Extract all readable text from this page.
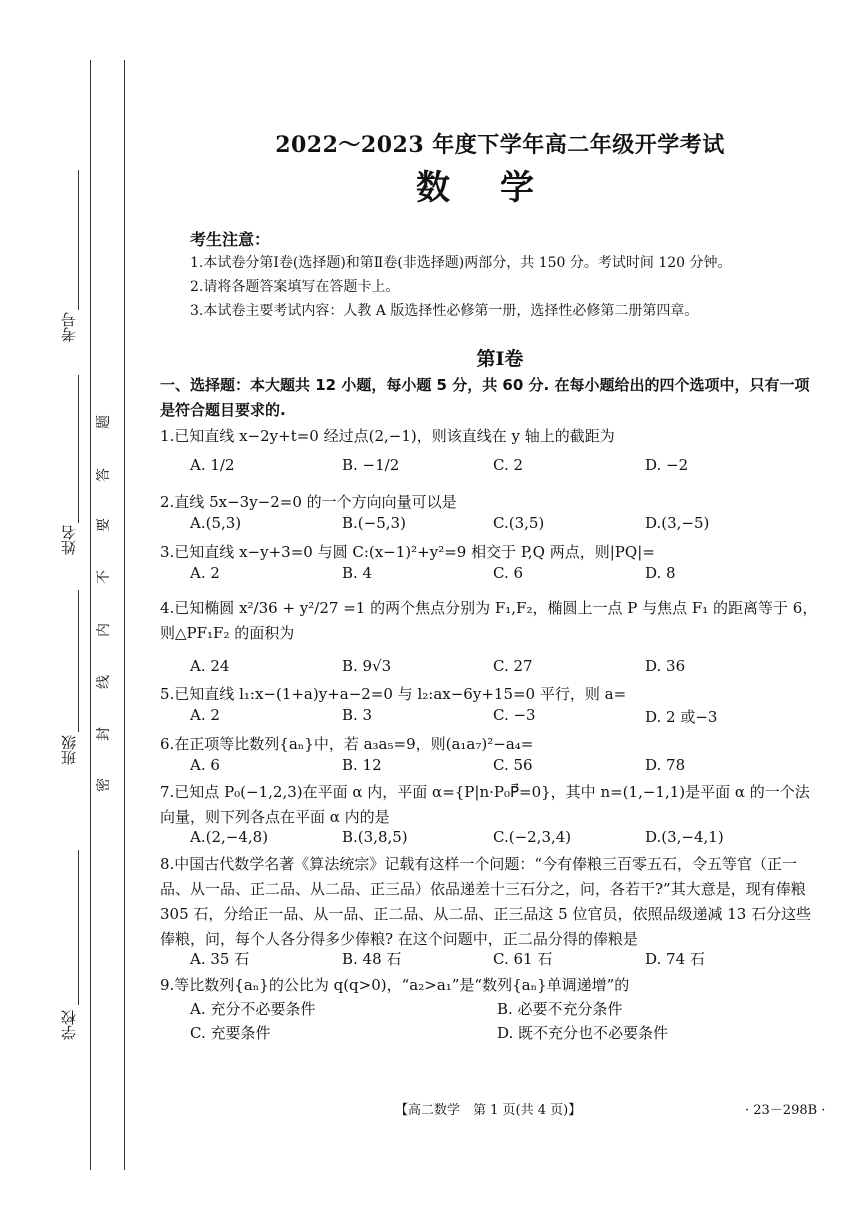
考号
姓名
班级
学校
密
封
线
内
不
要
答
题
2022～2023 年度下学年高二年级开学考试
数学
考生注意：
1.本试卷分第Ⅰ卷(选择题)和第Ⅱ卷(非选择题)两部分，共 150 分。考试时间 120 分钟。
2.请将各题答案填写在答题卡上。
3.本试卷主要考试内容：人教 A 版选择性必修第一册，选择性必修第二册第四章。
第Ⅰ卷
一、选择题：本大题共 12 小题，每小题 5 分，共 60 分. 在每小题给出的四个选项中，只有一项是符合题目要求的.
1.已知直线 x−2y+t=0 经过点(2,−1)，则该直线在 y 轴上的截距为
A. 1/2	B. −1/2	C. 2	D. −2
2.直线 5x−3y−2=0 的一个方向向量可以是
A.(5,3)	B.(−5,3)	C.(3,5)	D.(3,−5)
3.已知直线 x−y+3=0 与圆 C:(x−1)²+y²=9 相交于 P,Q 两点，则|PQ|=
A. 2	B. 4	C. 6	D. 8
4.已知椭圆 x²/36 + y²/27 =1 的两个焦点分别为 F₁,F₂，椭圆上一点 P 与焦点 F₁ 的距离等于 6，则△PF₁F₂ 的面积为
A. 24	B. 9√3	C. 27	D. 36
5.已知直线 l₁:x−(1+a)y+a−2=0 与 l₂:ax−6y+15=0 平行，则 a=
A. 2	B. 3	C. −3	D. 2 或−3
6.在正项等比数列{aₙ}中，若 a₃a₅=9，则(a₁a₇)²−a₄=
A. 6	B. 12	C. 56	D. 78
7.已知点 P₀(−1,2,3)在平面 α 内，平面 α={P|n·P₀P⃗=0}，其中 n=(1,−1,1)是平面 α 的一个法向量，则下列各点在平面 α 内的是
A.(2,−4,8)	B.(3,8,5)	C.(−2,3,4)	D.(3,−4,1)
8.中国古代数学名著《算法统宗》记载有这样一个问题：“今有俸粮三百零五石，令五等官（正一品、从一品、正二品、从二品、正三品）依品递差十三石分之，问，各若干?”其大意是，现有俸粮 305 石，分给正一品、从一品、正二品、从二品、正三品这 5 位官员，依照品级递减 13 石分这些俸粮，问，每个人各分得多少俸粮? 在这个问题中，正二品分得的俸粮是
A. 35 石	B. 48 石	C. 61 石	D. 74 石
9.等比数列{aₙ}的公比为 q(q>0)，“a₂>a₁”是“数列{aₙ}单调递增”的
A. 充分不必要条件	B. 必要不充分条件
C. 充要条件	D. 既不充分也不必要条件
【高二数学　第 1 页(共 4 页)】	· 23－298B ·
